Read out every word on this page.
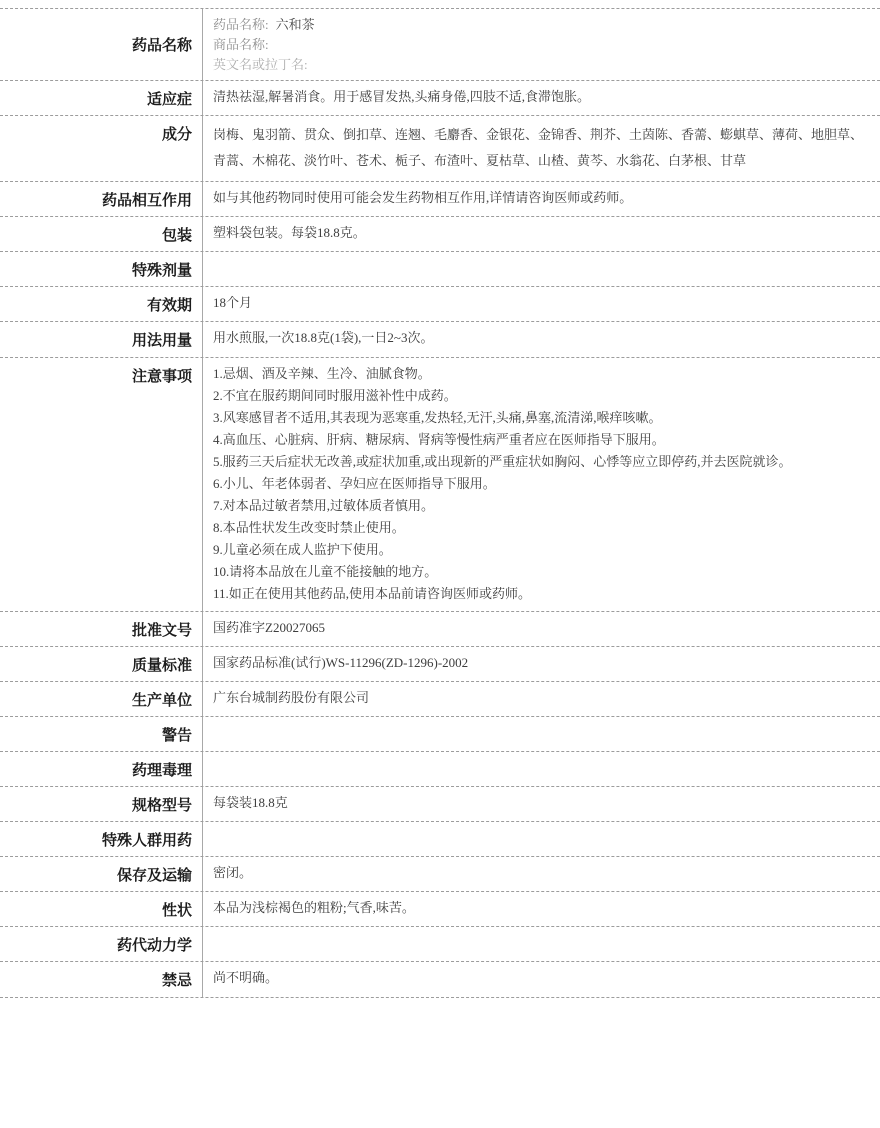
药品名称

药品名称: 六和茶

商品名称:

英文名或拉丁名:

适应症	清热祛湿,解暑消食。用于感冒发热,头痛身倦,四肢不适,食滞饱胀。

成分	岗梅、鬼羽箭、贯众、倒扣草、连翘、毛麝香、金银花、金锦香、荆芥、土茵陈、香薷、蟛蜞草、薄荷、地胆草、青蒿、木棉花、淡竹叶、苍术、栀子、布渣叶、夏枯草、山楂、黄芩、水翁花、白茅根、甘草

药品相互作用	如与其他药物同时使用可能会发生药物相互作用,详情请咨询医师或药师。

包装	塑料袋包装。每袋18.8克。

特殊剂量
有效期	18个月

用法用量	用水煎服,一次18.8克(1袋),一日2~3次。

注意事项	1.忌烟、酒及辛辣、生冷、油腻食物。

2.不宜在服药期间同时服用滋补性中成药。

3.风寒感冒者不适用,其表现为恶寒重,发热轻,无汗,头痛,鼻塞,流清涕,喉痒咳嗽。

4.高血压、心脏病、肝病、糖尿病、肾病等慢性病严重者应在医师指导下服用。

5.服药三天后症状无改善,或症状加重,或出现新的严重症状如胸闷、心悸等应立即停药,并去医院就诊。

6.小儿、年老体弱者、孕妇应在医师指导下服用。

7.对本品过敏者禁用,过敏体质者慎用。

8.本品性状发生改变时禁止使用。

9.儿童必须在成人监护下使用。

10.请将本品放在儿童不能接触的地方。

11.如正在使用其他药品,使用本品前请咨询医师或药师。

批准文号	国药准字Z20027065

质量标准	国家药品标准(试行)WS-11296(ZD-1296)-2002

生产单位	广东台城制药股份有限公司

警告
药理毒理
规格型号	每袋装18.8克

特殊人群用药
保存及运输	密闭。

性状	本品为浅棕褐色的粗粉;气香,味苦。

药代动力学
禁忌	尚不明确。
